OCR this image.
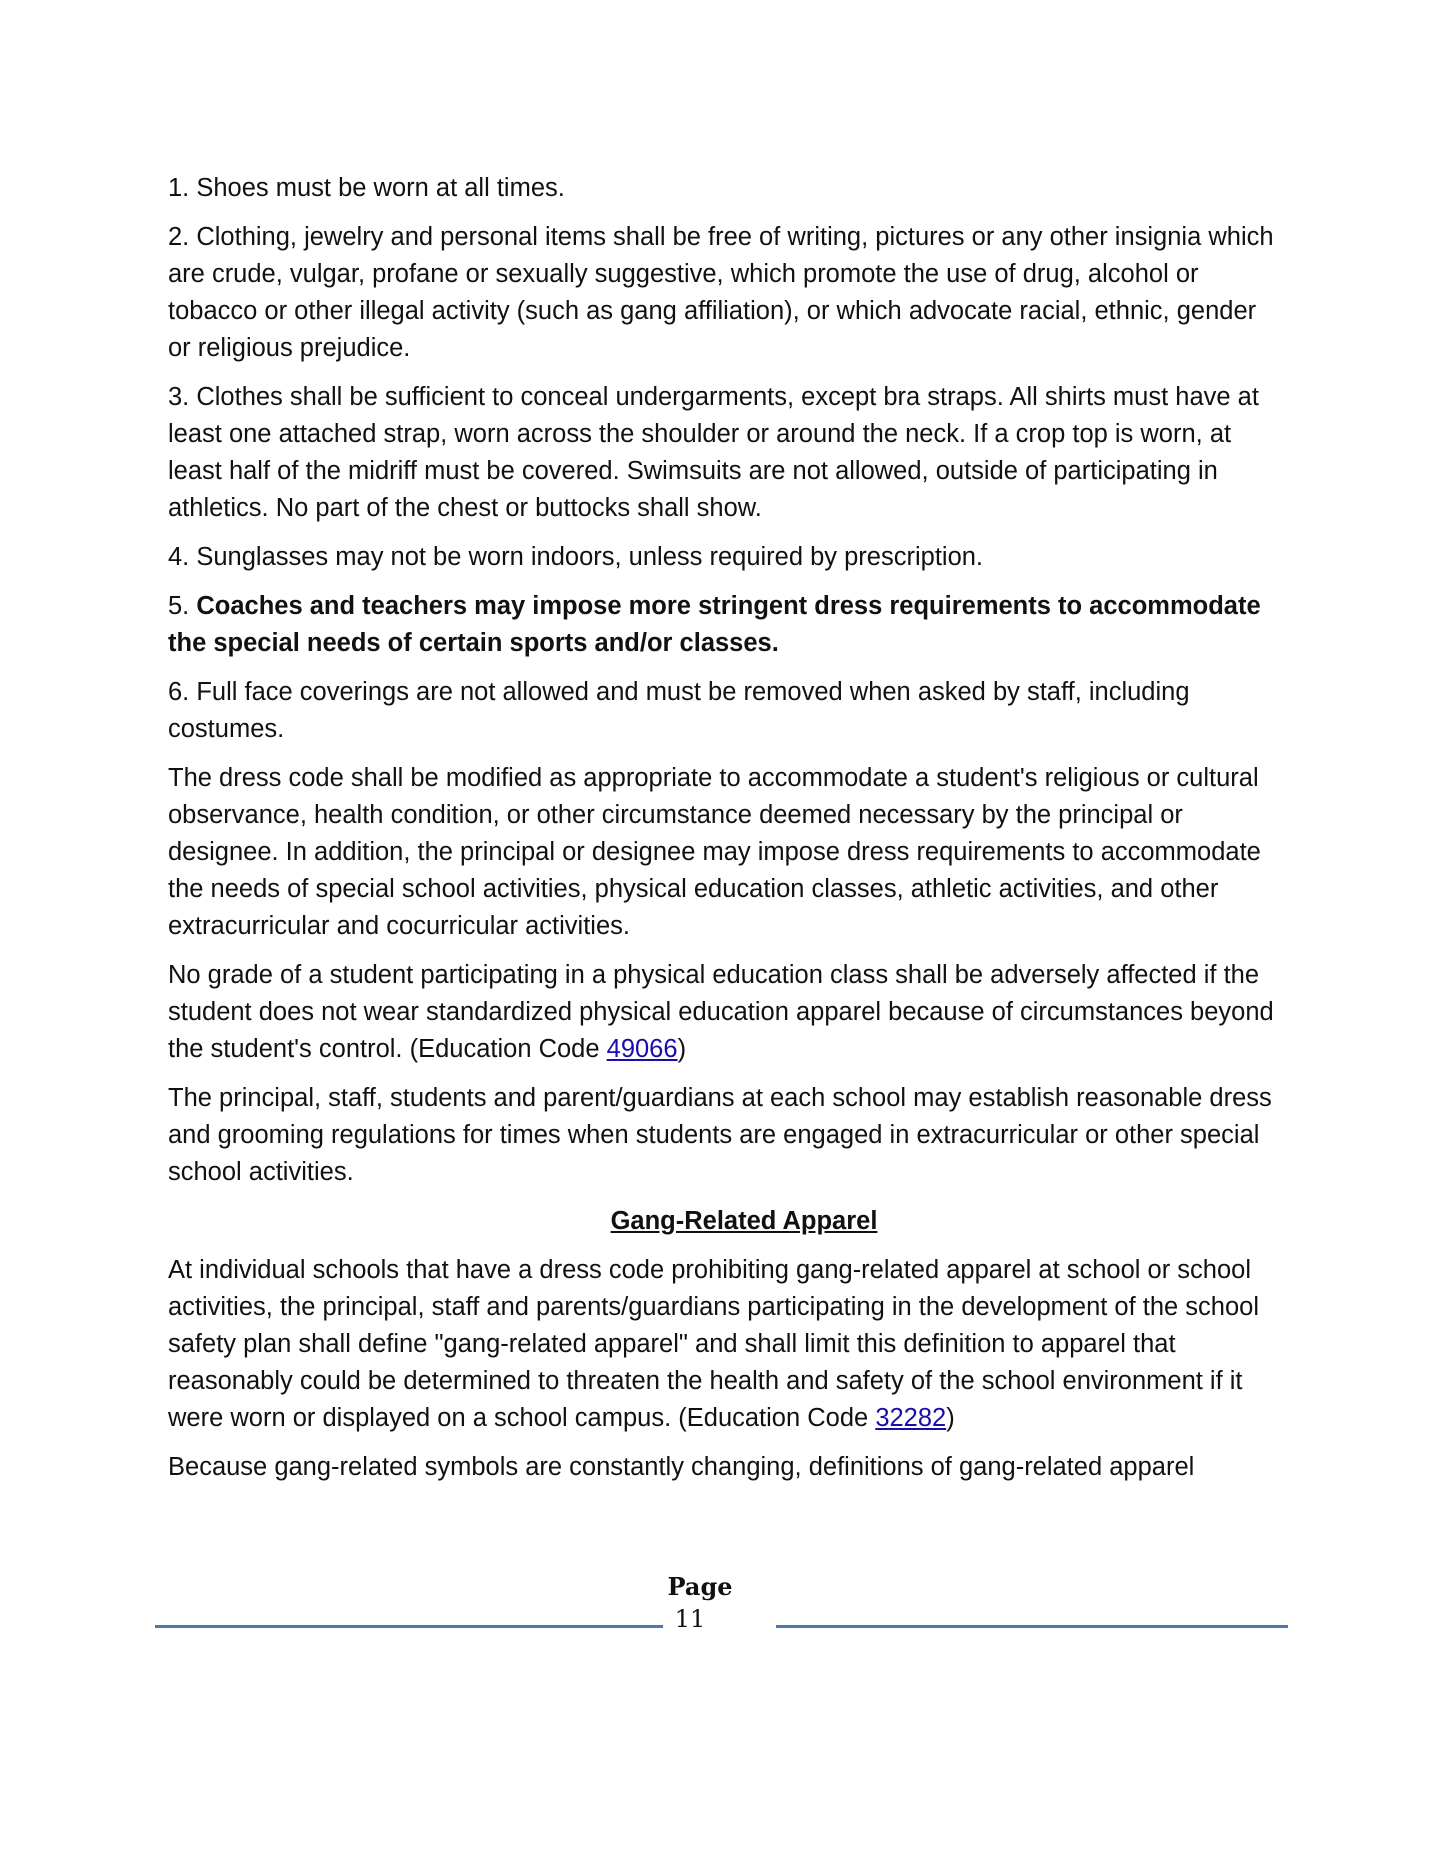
1. Shoes must be worn at all times.

2. Clothing, jewelry and personal items shall be free of writing, pictures or any other insignia which are crude, vulgar, profane or sexually suggestive, which promote the use of drug, alcohol or tobacco or other illegal activity (such as gang affiliation), or which advocate racial, ethnic, gender or religious prejudice.

3. Clothes shall be sufficient to conceal undergarments, except bra straps. All shirts must have at least one attached strap, worn across the shoulder or around the neck. If a crop top is worn, at least half of the midriff must be covered. Swimsuits are not allowed, outside of participating in athletics. No part of the chest or buttocks shall show.

4. Sunglasses may not be worn indoors, unless required by prescription.

5. Coaches and teachers may impose more stringent dress requirements to accommodate the special needs of certain sports and/or classes.

6. Full face coverings are not allowed and must be removed when asked by staff, including costumes.

The dress code shall be modified as appropriate to accommodate a student's religious or cultural observance, health condition, or other circumstance deemed necessary by the principal or designee. In addition, the principal or designee may impose dress requirements to accommodate the needs of special school activities, physical education classes, athletic activities, and other extracurricular and cocurricular activities.

No grade of a student participating in a physical education class shall be adversely affected if the student does not wear standardized physical education apparel because of circumstances beyond the student's control. (Education Code 49066)

The principal, staff, students and parent/guardians at each school may establish reasonable dress and grooming regulations for times when students are engaged in extracurricular or other special school activities.

Gang-Related Apparel

At individual schools that have a dress code prohibiting gang-related apparel at school or school activities, the principal, staff and parents/guardians participating in the development of the school safety plan shall define "gang-related apparel" and shall limit this definition to apparel that reasonably could be determined to threaten the health and safety of the school environment if it were worn or displayed on a school campus. (Education Code 32282)

Because gang-related symbols are constantly changing, definitions of gang-related apparel

Page
11
